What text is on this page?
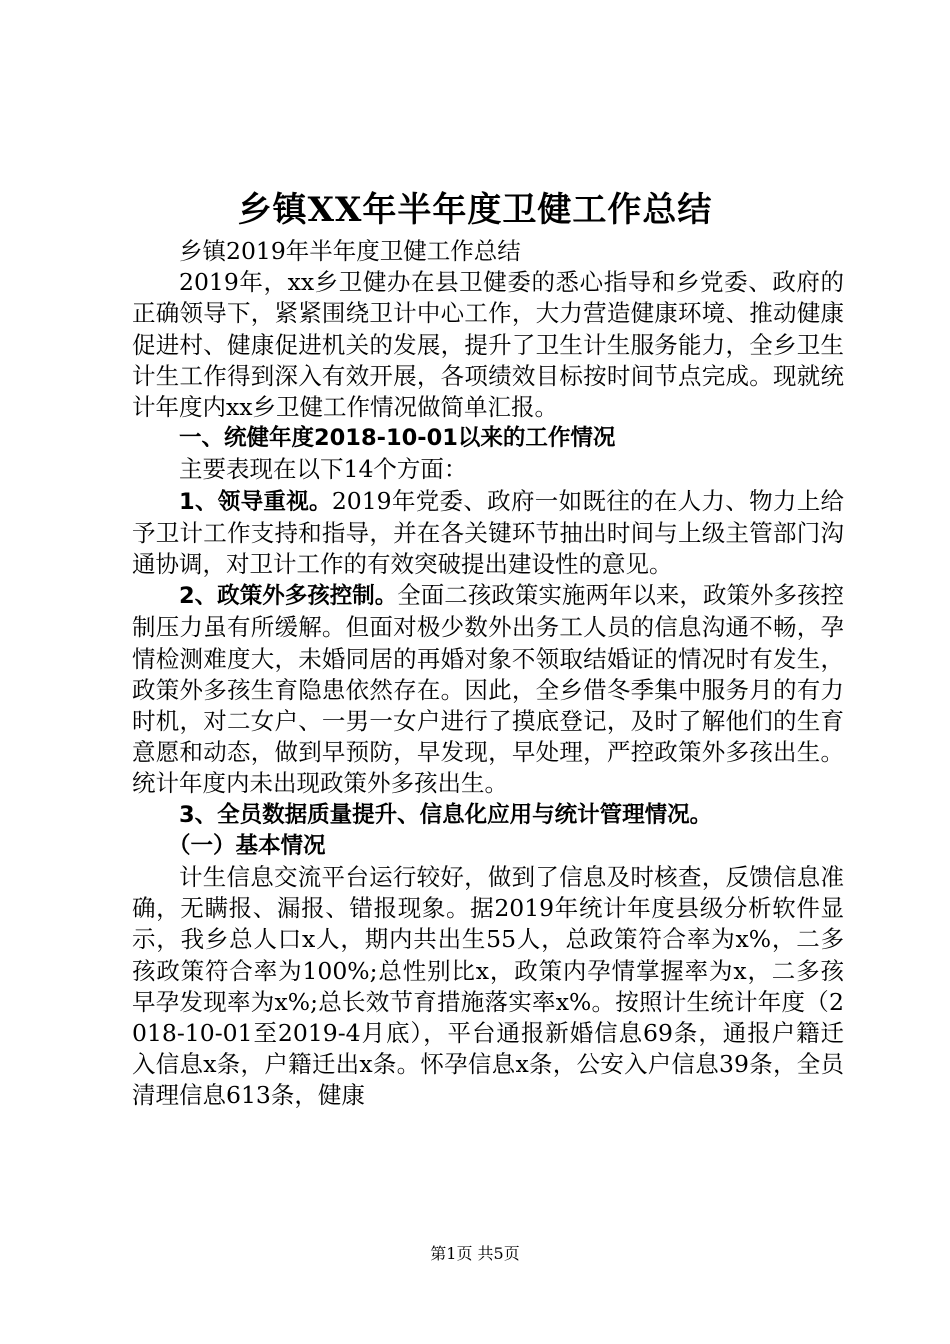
乡镇XX年半年度卫健工作总结

乡镇2019年半年度卫健工作总结

2019年，xx乡卫健办在县卫健委的悉心指导和乡党委、政府的正确领导下，紧紧围绕卫计中心工作，大力营造健康环境、推动健康促进村、健康促进机关的发展，提升了卫生计生服务能力，全乡卫生计生工作得到深入有效开展，各项绩效目标按时间节点完成。现就统计年度内xx乡卫健工作情况做简单汇报。

一、统健年度2018-10-01以来的工作情况

主要表现在以下14个方面：

1、领导重视。2019年党委、政府一如既往的在人力、物力上给予卫计工作支持和指导，并在各关键环节抽出时间与上级主管部门沟通协调，对卫计工作的有效突破提出建设性的意见。

2、政策外多孩控制。全面二孩政策实施两年以来，政策外多孩控制压力虽有所缓解。但面对极少数外出务工人员的信息沟通不畅，孕情检测难度大，未婚同居的再婚对象不领取结婚证的情况时有发生，政策外多孩生育隐患依然存在。因此，全乡借冬季集中服务月的有力时机，对二女户、一男一女户进行了摸底登记，及时了解他们的生育意愿和动态，做到早预防，早发现，早处理，严控政策外多孩出生。统计年度内未出现政策外多孩出生。

3、全员数据质量提升、信息化应用与统计管理情况。

（一）基本情况

计生信息交流平台运行较好，做到了信息及时核查，反馈信息准确，无瞒报、漏报、错报现象。据2019年统计年度县级分析软件显示，我乡总人口x人，期内共出生55人，总政策符合率为x%，二多孩政策符合率为100%;总性别比x，政策内孕情掌握率为x，二多孩早孕发现率为x%;总长效节育措施落实率x%。按照计生统计年度（2018-10-01至2019-4月底），平台通报新婚信息69条，通报户籍迁入信息x条，户籍迁出x条。怀孕信息x条，公安入户信息39条，全员清理信息613条，健康

第1页 共5页
